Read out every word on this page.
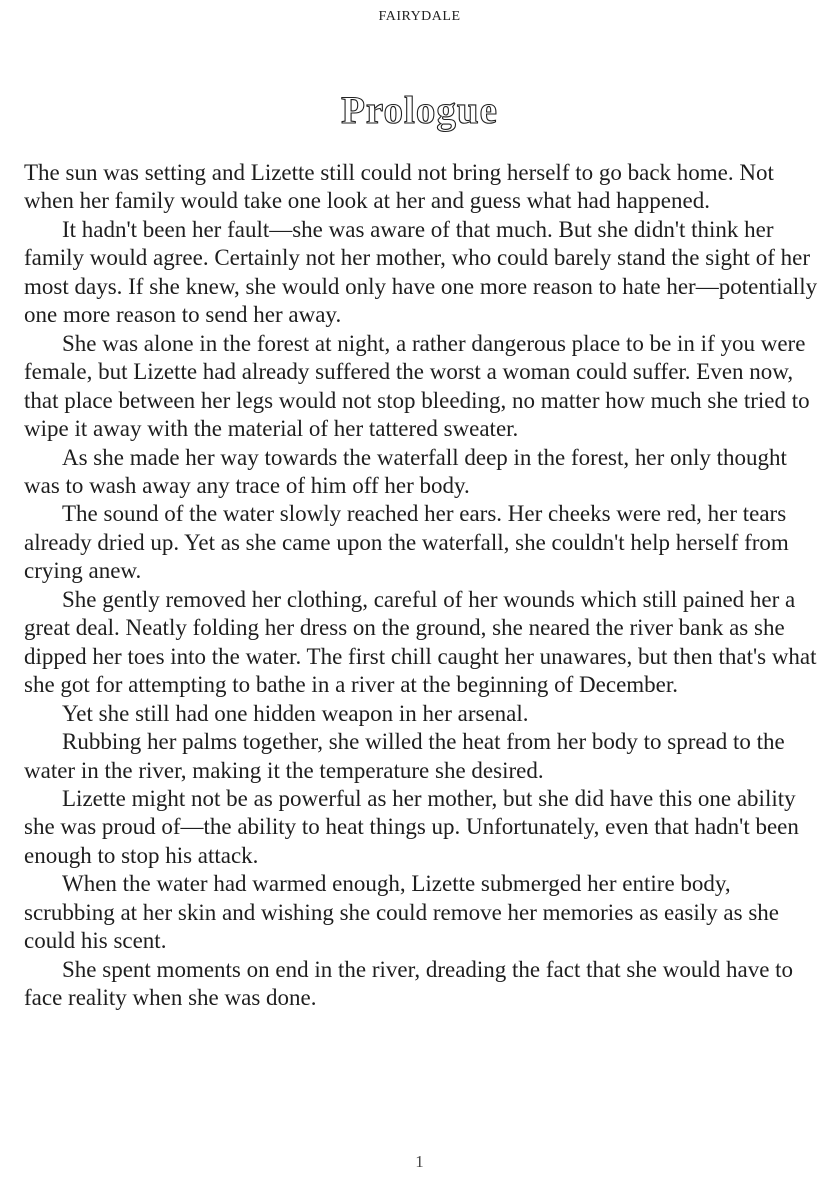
FAIRYDALE
Prologue

The sun was setting and Lizette still could not bring herself to go back home. Not when her family would take one look at her and guess what had happened.

It hadn't been her fault—she was aware of that much. But she didn't think her family would agree. Certainly not her mother, who could barely stand the sight of her most days. If she knew, she would only have one more reason to hate her—potentially one more reason to send her away.

She was alone in the forest at night, a rather dangerous place to be in if you were female, but Lizette had already suffered the worst a woman could suffer. Even now, that place between her legs would not stop bleeding, no matter how much she tried to wipe it away with the material of her tattered sweater.

As she made her way towards the waterfall deep in the forest, her only thought was to wash away any trace of him off her body.

The sound of the water slowly reached her ears. Her cheeks were red, her tears already dried up. Yet as she came upon the waterfall, she couldn't help herself from crying anew.

She gently removed her clothing, careful of her wounds which still pained her a great deal. Neatly folding her dress on the ground, she neared the river bank as she dipped her toes into the water. The first chill caught her unawares, but then that's what she got for attempting to bathe in a river at the beginning of December.

Yet she still had one hidden weapon in her arsenal.

Rubbing her palms together, she willed the heat from her body to spread to the water in the river, making it the temperature she desired.

Lizette might not be as powerful as her mother, but she did have this one ability she was proud of—the ability to heat things up. Unfortunately, even that hadn't been enough to stop his attack.

When the water had warmed enough, Lizette submerged her entire body, scrubbing at her skin and wishing she could remove her memories as easily as she could his scent.

She spent moments on end in the river, dreading the fact that she would have to face reality when she was done.

1
